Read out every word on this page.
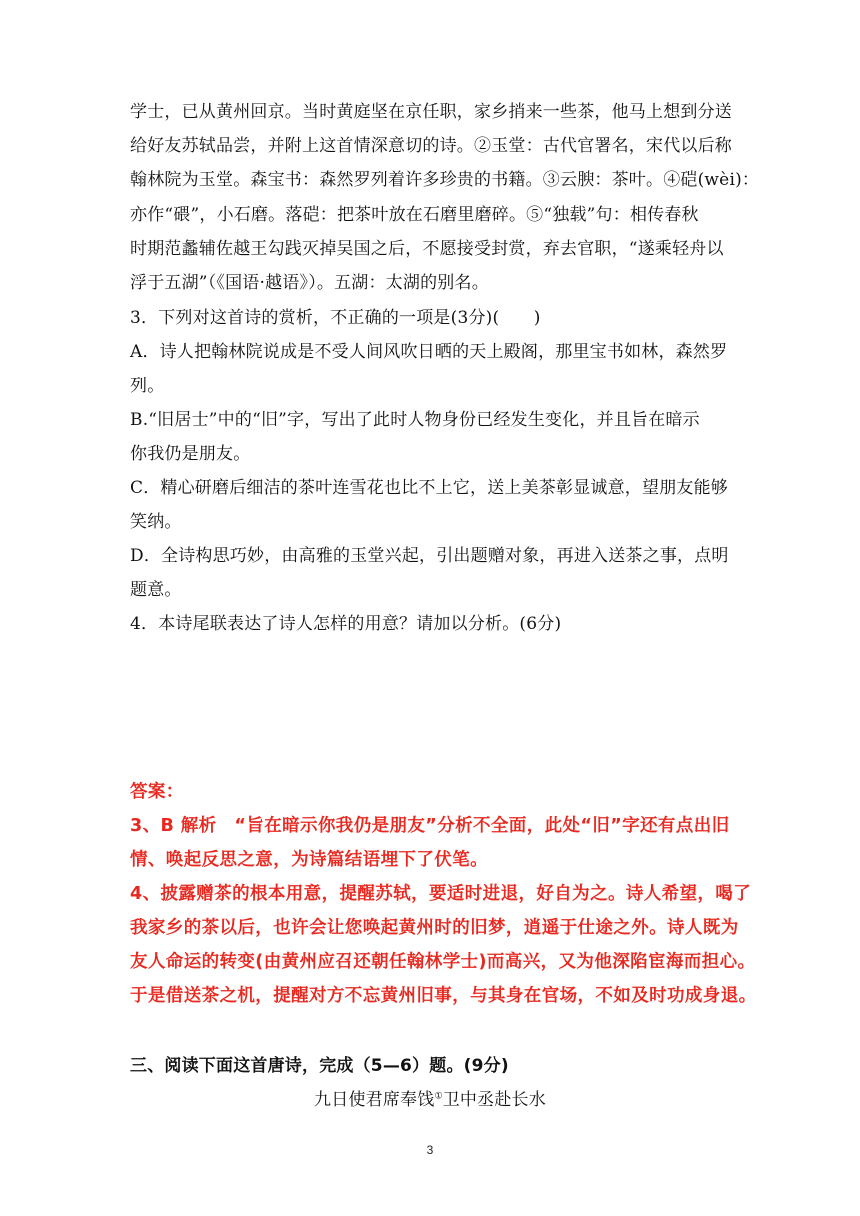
学士，已从黄州回京。当时黄庭坚在京任职，家乡捎来一些茶，他马上想到分送
给好友苏轼品尝，并附上这首情深意切的诗。②玉堂：古代官署名，宋代以后称
翰林院为玉堂。森宝书：森然罗列着许多珍贵的书籍。③云腴：茶叶。④硙(wèi)：
亦作“碨”，小石磨。落硙：把茶叶放在石磨里磨碎。⑤“独载”句：相传春秋
时期范蠡辅佐越王勾践灭掉吴国之后，不愿接受封赏，弃去官职，“遂乘轻舟以
浮于五湖”（《国语·越语》）。五湖：太湖的别名。
3．下列对这首诗的赏析，不正确的一项是(3分)(　　)
A．诗人把翰林院说成是不受人间风吹日晒的天上殿阁，那里宝书如林，森然罗
列。
B.“旧居士”中的“旧”字，写出了此时人物身份已经发生变化，并且旨在暗示
你我仍是朋友。
C．精心研磨后细洁的茶叶连雪花也比不上它，送上美茶彰显诚意，望朋友能够
笑纳。
D．全诗构思巧妙，由高雅的玉堂兴起，引出题赠对象，再进入送茶之事，点明
题意。
4．本诗尾联表达了诗人怎样的用意？请加以分析。(6分)
答案：
3、B 解析　“旨在暗示你我仍是朋友”分析不全面，此处“旧”字还有点出旧
情、唤起反思之意，为诗篇结语埋下了伏笔。
4、披露赠茶的根本用意，提醒苏轼，要适时进退，好自为之。诗人希望，喝了
我家乡的茶以后，也许会让您唤起黄州时的旧梦，逍遥于仕途之外。诗人既为
友人命运的转变(由黄州应召还朝任翰林学士)而高兴，又为他深陷宦海而担心。
于是借送茶之机，提醒对方不忘黄州旧事，与其身在官场，不如及时功成身退。
三、阅读下面这首唐诗，完成（5—6）题。(9分)
九日使君席奉饯①卫中丞赴长水
3
